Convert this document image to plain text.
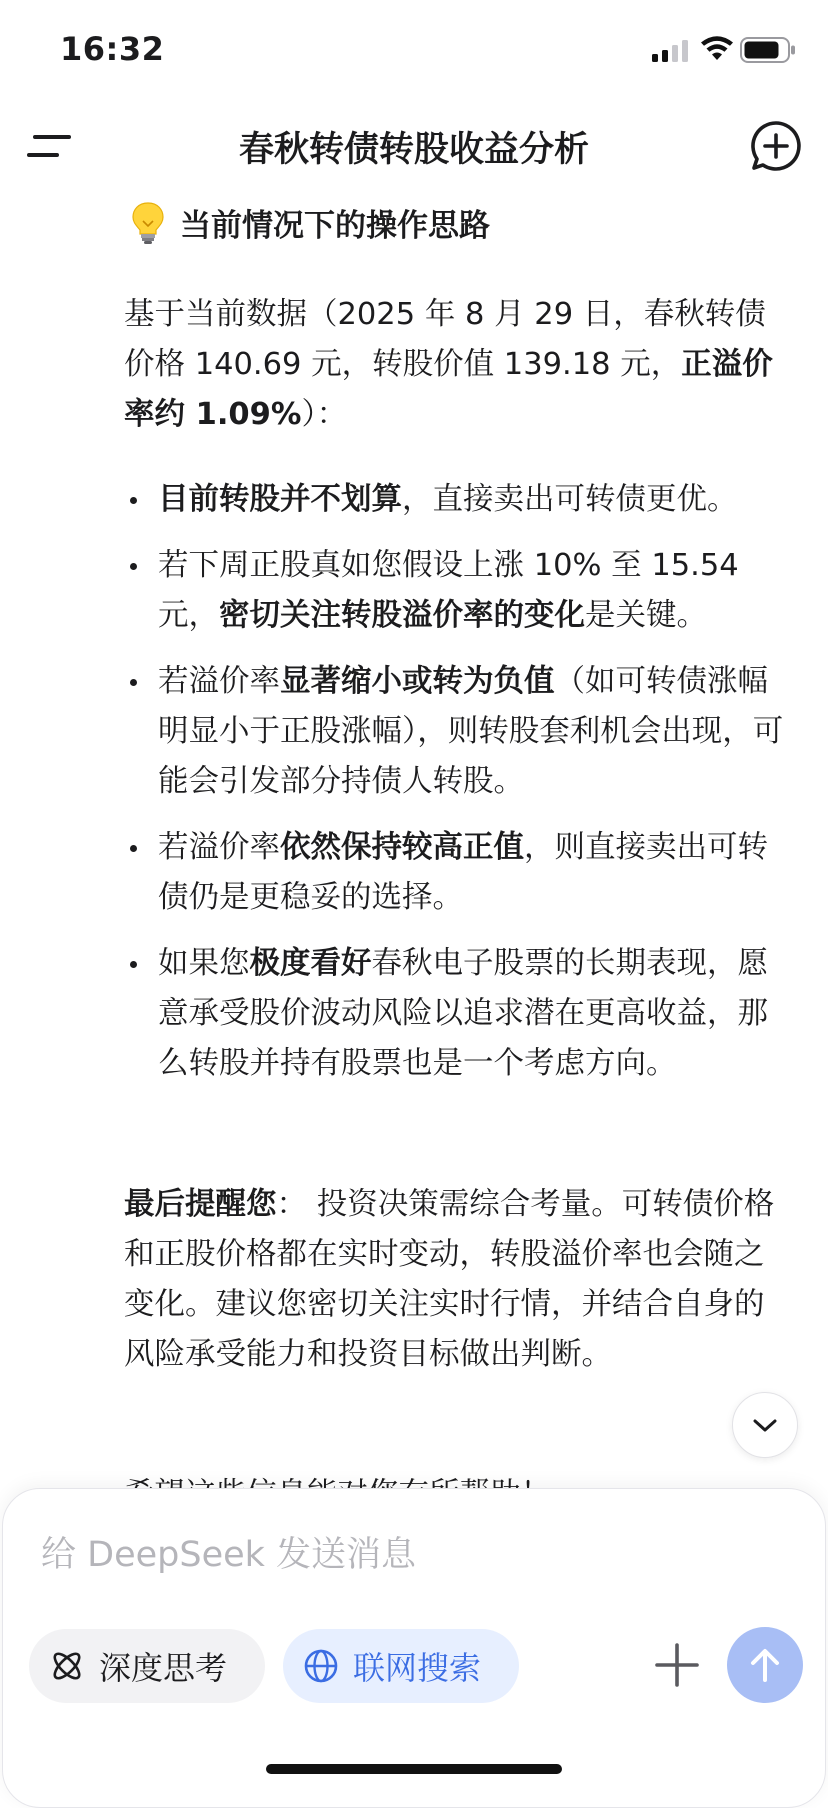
16:32
春秋转债转股收益分析
当前情况下的操作思路
基于当前数据（2025 年 8 月 29 日，春秋转债价格 140.69 元，转股价值 139.18 元，正溢价率约 1.09%）：
目前转股并不划算，直接卖出可转债更优。
若下周正股真如您假设上涨 10% 至 15.54 元，密切关注转股溢价率的变化是关键。
若溢价率显著缩小或转为负值（如可转债涨幅明显小于正股涨幅），则转股套利机会出现，可能会引发部分持债人转股。
若溢价率依然保持较高正值，则直接卖出可转债仍是更稳妥的选择。
如果您极度看好春秋电子股票的长期表现，愿意承受股价波动风险以追求潜在更高收益，那么转股并持有股票也是一个考虑方向。
最后提醒您： 投资决策需综合考量。可转债价格和正股价格都在实时变动，转股溢价率也会随之变化。建议您密切关注实时行情，并结合自身的风险承受能力和投资目标做出判断。
给 DeepSeek 发送消息
深度思考	联网搜索
